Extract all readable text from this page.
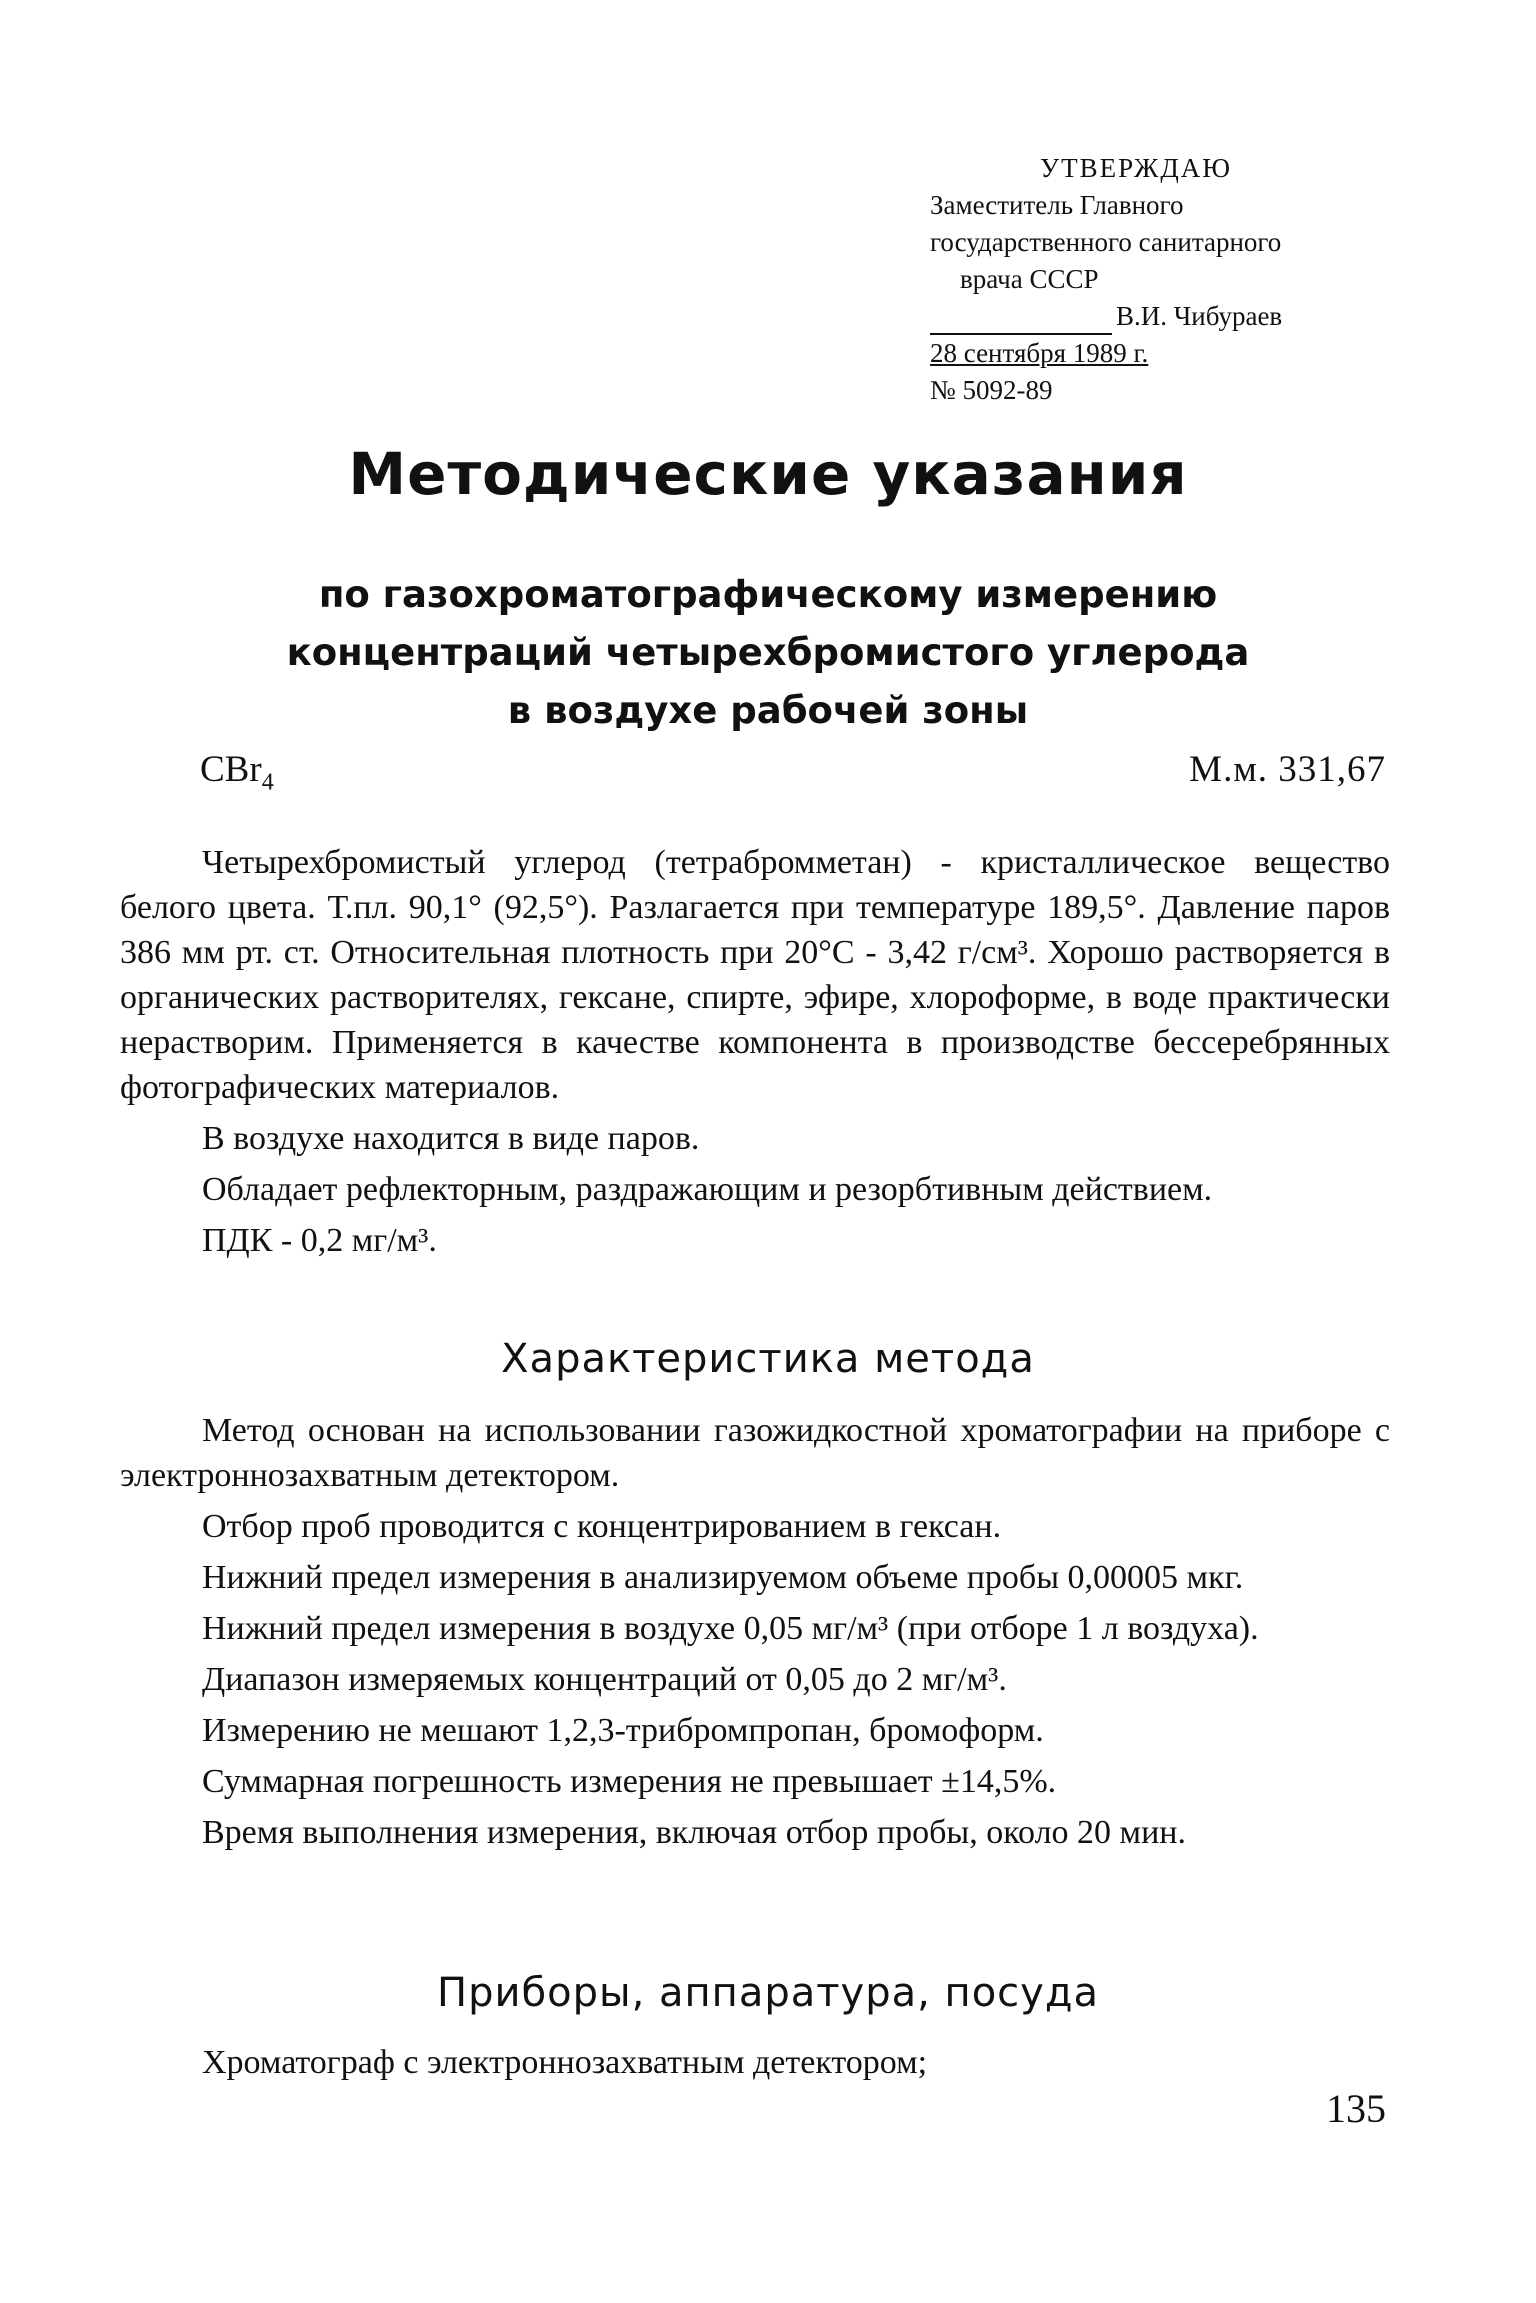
УТВЕРЖДАЮ
Заместитель Главного
государственного санитарного
врача СССР
В.И. Чибураев
28 сентября 1989 г.
№ 5092-89
Методические указания
по газохроматографическому измерению
концентраций четырехбромистого углерода
в воздухе рабочей зоны
CBr$_4$	М.м. 331,67

Четырехбромистый углерод (тетрабромметан) - кристаллическое вещество белого цвета. Т.пл. 90,1° (92,5°). Разлагается при температуре 189,5°. Давление паров 386 мм рт. ст. Относительная плотность при 20°С - 3,42 г/см³. Хорошо растворяется в органических растворителях, гексане, спирте, эфире, хлороформе, в воде практически нерастворим. Применяется в качестве компонента в производстве бессеребрянных фотографических материалов.

В воздухе находится в виде паров.

Обладает рефлекторным, раздражающим и резорбтивным действием.

ПДК - 0,2 мг/м³.

Характеристика метода

Метод основан на использовании газожидкостной хроматографии на приборе с электроннозахватным детектором.

Отбор проб проводится с концентрированием в гексан.

Нижний предел измерения в анализируемом объеме пробы 0,00005 мкг.

Нижний предел измерения в воздухе 0,05 мг/м³ (при отборе 1 л воздуха).

Диапазон измеряемых концентраций от 0,05 до 2 мг/м³.

Измерению не мешают 1,2,3-трибромпропан, бромоформ.

Суммарная погрешность измерения не превышает ±14,5%.

Время выполнения измерения, включая отбор пробы, около 20 мин.

Приборы, аппаратура, посуда

Хроматограф с электроннозахватным детектором;

135
